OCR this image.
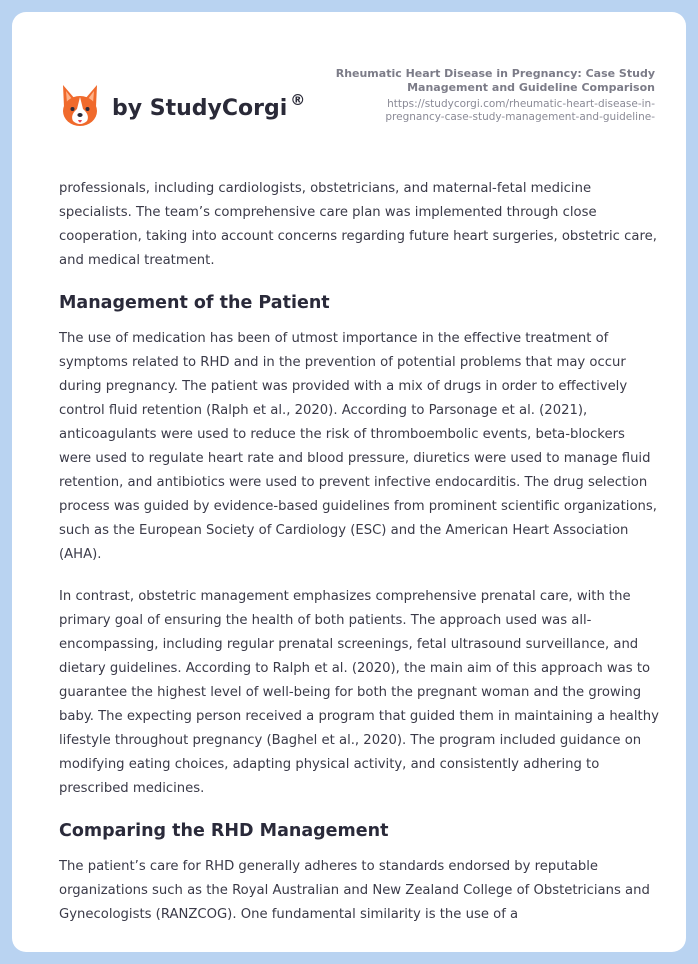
by StudyCorgi ®
Rheumatic Heart Disease in Pregnancy: Case Study
Management and Guideline Comparison
https://studycorgi.com/rheumatic-heart-disease-in-
pregnancy-case-study-management-and-guideline-

professionals, including cardiologists, obstetricians, and maternal-fetal medicine specialists. The team’s comprehensive care plan was implemented through close cooperation, taking into account concerns regarding future heart surgeries, obstetric care, and medical treatment.

Management of the Patient

The use of medication has been of utmost importance in the effective treatment of symptoms related to RHD and in the prevention of potential problems that may occur during pregnancy. The patient was provided with a mix of drugs in order to effectively control fluid retention (Ralph et al., 2020). According to Parsonage et al. (2021), anticoagulants were used to reduce the risk of thromboembolic events, beta-blockers were used to regulate heart rate and blood pressure, diuretics were used to manage fluid retention, and antibiotics were used to prevent infective endocarditis. The drug selection process was guided by evidence-based guidelines from prominent scientific organizations, such as the European Society of Cardiology (ESC) and the American Heart Association (AHA).

In contrast, obstetric management emphasizes comprehensive prenatal care, with the primary goal of ensuring the health of both patients. The approach used was all-encompassing, including regular prenatal screenings, fetal ultrasound surveillance, and dietary guidelines. According to Ralph et al. (2020), the main aim of this approach was to guarantee the highest level of well-being for both the pregnant woman and the growing baby. The expecting person received a program that guided them in maintaining a healthy lifestyle throughout pregnancy (Baghel et al., 2020). The program included guidance on modifying eating choices, adapting physical activity, and consistently adhering to prescribed medicines.

Comparing the RHD Management

The patient’s care for RHD generally adheres to standards endorsed by reputable organizations such as the Royal Australian and New Zealand College of Obstetricians and Gynecologists (RANZCOG). One fundamental similarity is the use of a
